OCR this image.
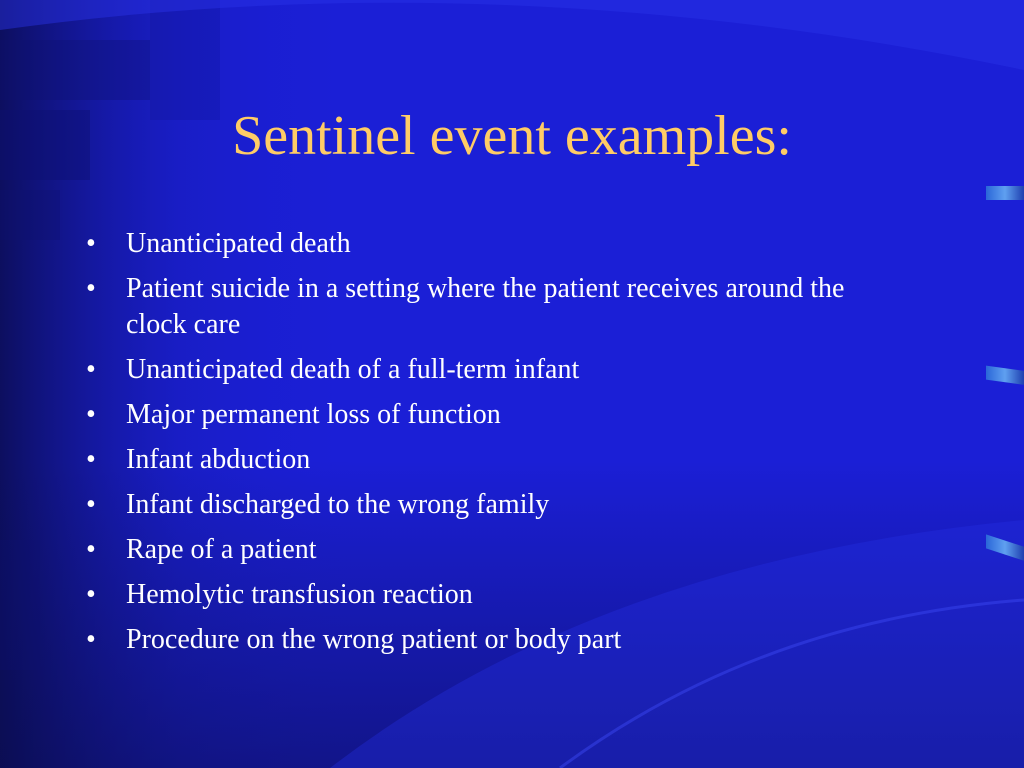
Sentinel event examples:
•	Unanticipated death
•	Patient suicide in a setting where the patient receives around the clock care
•	Unanticipated death of a full-term infant
•	Major permanent loss of function
•	Infant abduction
•	Infant discharged to the wrong family
•	Rape of a patient
•	Hemolytic transfusion reaction
•	Procedure on the wrong patient or body part
